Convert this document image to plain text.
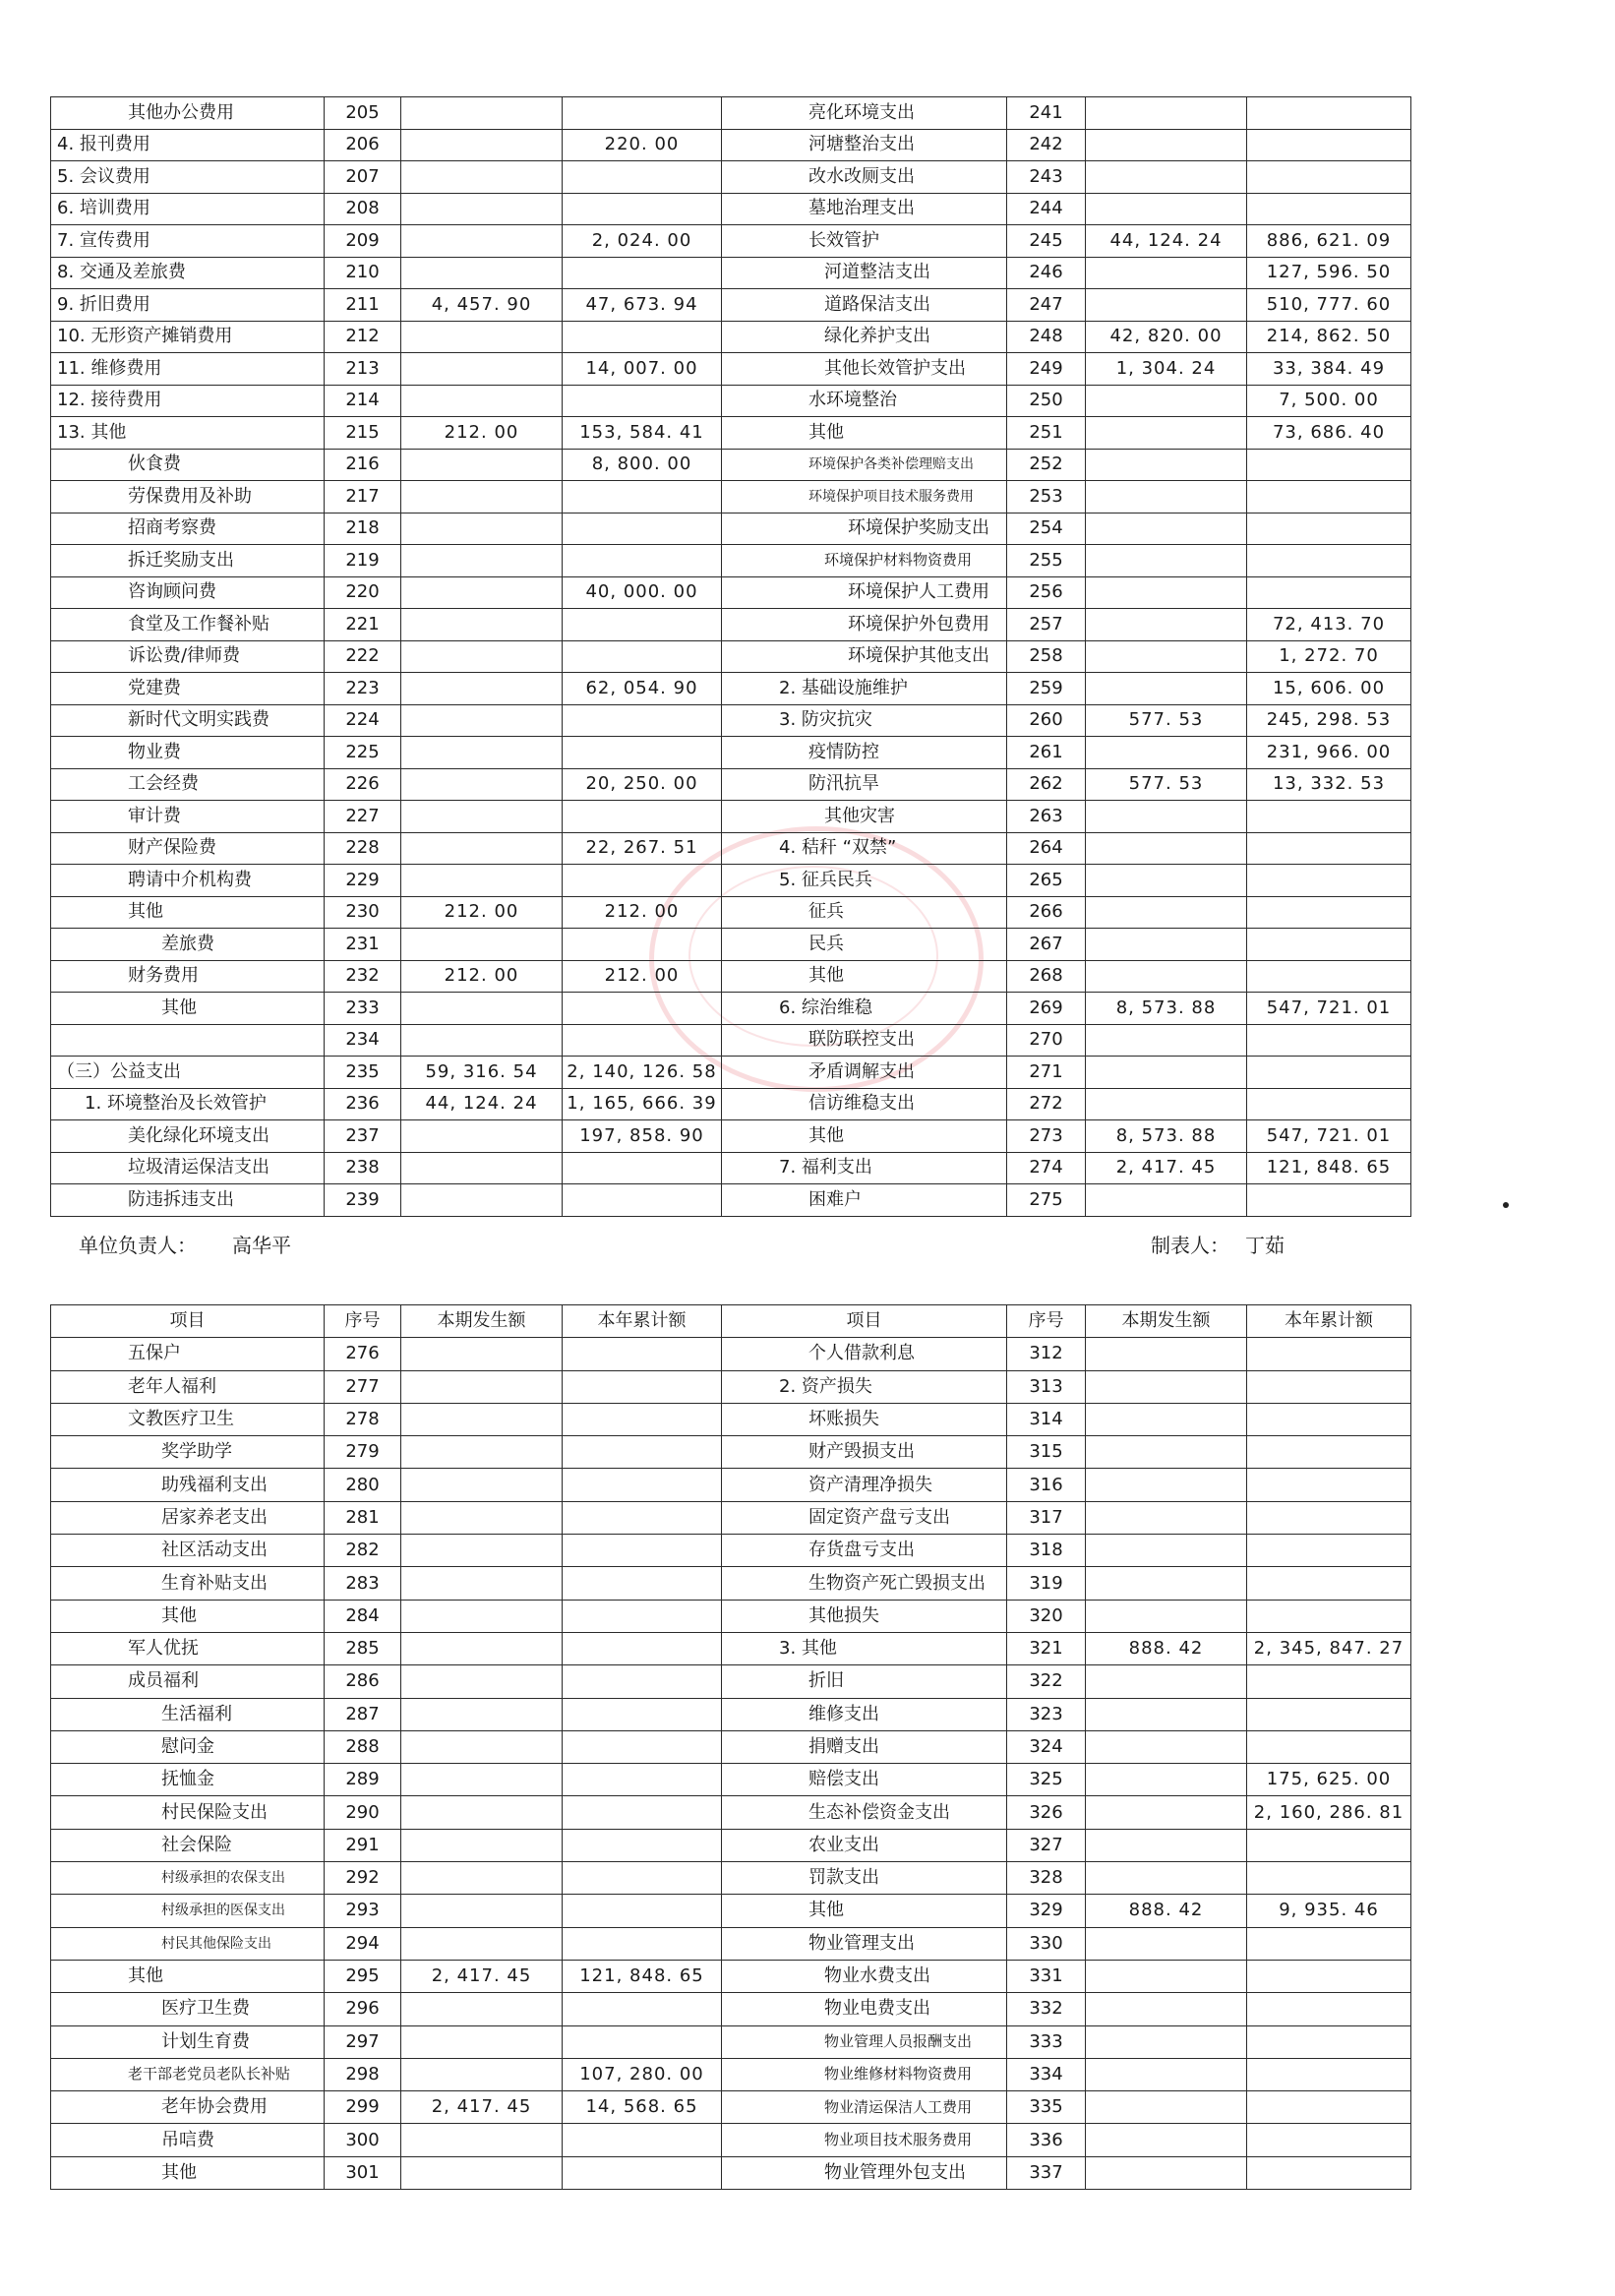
其他办公费用	205			亮化环境支出	241		
4. 报刊费用	206		220. 00	河塘整治支出	242		
5. 会议费用	207			改水改厕支出	243		
6. 培训费用	208			墓地治理支出	244		
7. 宣传费用	209		2, 024. 00	长效管护	245	44, 124. 24	886, 621. 09
8. 交通及差旅费	210			河道整洁支出	246		127, 596. 50
9. 折旧费用	211	4, 457. 90	47, 673. 94	道路保洁支出	247		510, 777. 60
10. 无形资产摊销费用	212			绿化养护支出	248	42, 820. 00	214, 862. 50
11. 维修费用	213		14, 007. 00	其他长效管护支出	249	1, 304. 24	33, 384. 49
12. 接待费用	214			水环境整治	250		7, 500. 00
13. 其他	215	212. 00	153, 584. 41	其他	251		73, 686. 40
伙食费	216		8, 800. 00	环境保护各类补偿理赔支出	252		
劳保费用及补助	217			环境保护项目技术服务费用	253		
招商考察费	218			环境保护奖励支出	254		
拆迁奖励支出	219			环境保护材料物资费用	255		
咨询顾问费	220		40, 000. 00	环境保护人工费用	256		
食堂及工作餐补贴	221			环境保护外包费用	257		72, 413. 70
诉讼费/律师费	222			环境保护其他支出	258		1, 272. 70
党建费	223		62, 054. 90	2. 基础设施维护	259		15, 606. 00
新时代文明实践费	224			3. 防灾抗灾	260	577. 53	245, 298. 53
物业费	225			疫情防控	261		231, 966. 00
工会经费	226		20, 250. 00	防汛抗旱	262	577. 53	13, 332. 53
审计费	227			其他灾害	263		
财产保险费	228		22, 267. 51	4. 秸秆 “双禁”	264		
聘请中介机构费	229			5. 征兵民兵	265		
其他	230	212. 00	212. 00	征兵	266		
差旅费	231			民兵	267		
财务费用	232	212. 00	212. 00	其他	268		
其他	233			6. 综治维稳	269	8, 573. 88	547, 721. 01
	234			联防联控支出	270		
（三）公益支出	235	59, 316. 54	2, 140, 126. 58	矛盾调解支出	271		
1. 环境整治及长效管护	236	44, 124. 24	1, 165, 666. 39	信访维稳支出	272		
美化绿化环境支出	237		197, 858. 90	其他	273	8, 573. 88	547, 721. 01
垃圾清运保洁支出	238			7. 福利支出	274	2, 417. 45	121, 848. 65
防违拆违支出	239			困难户	275		
单位负责人： 高华平	制表人： 丁茹
项目	序号	本期发生额	本年累计额	项目	序号	本期发生额	本年累计额
五保户	276			个人借款利息	312		
老年人福利	277			2. 资产损失	313		
文教医疗卫生	278			坏账损失	314		
奖学助学	279			财产毁损支出	315		
助残福利支出	280			资产清理净损失	316		
居家养老支出	281			固定资产盘亏支出	317		
社区活动支出	282			存货盘亏支出	318		
生育补贴支出	283			生物资产死亡毁损支出	319		
其他	284			其他损失	320		
军人优抚	285			3. 其他	321	888. 42	2, 345, 847. 27
成员福利	286			折旧	322		
生活福利	287			维修支出	323		
慰问金	288			捐赠支出	324		
抚恤金	289			赔偿支出	325		175, 625. 00
村民保险支出	290			生态补偿资金支出	326		2, 160, 286. 81
社会保险	291			农业支出	327		
村级承担的农保支出	292			罚款支出	328		
村级承担的医保支出	293			其他	329	888. 42	9, 935. 46
村民其他保险支出	294			物业管理支出	330		
其他	295	2, 417. 45	121, 848. 65	物业水费支出	331		
医疗卫生费	296			物业电费支出	332		
计划生育费	297			物业管理人员报酬支出	333		
老干部老党员老队长补贴	298		107, 280. 00	物业维修材料物资费用	334		
老年协会费用	299	2, 417. 45	14, 568. 65	物业清运保洁人工费用	335		
吊唁费	300			物业项目技术服务费用	336		
其他	301			物业管理外包支出	337		
